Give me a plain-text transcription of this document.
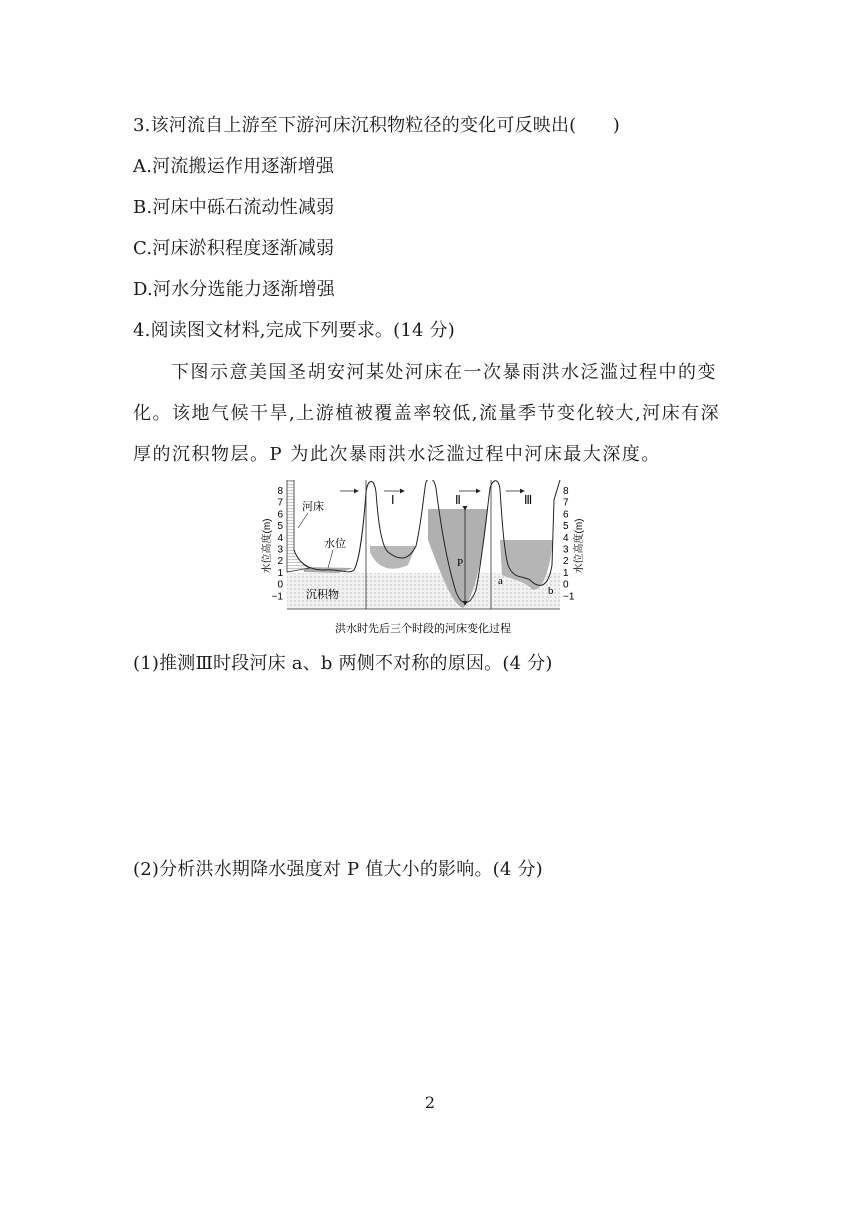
3.该河流自上游至下游河床沉积物粒径的变化可反映出(　　)
A.河流搬运作用逐渐增强
B.河床中砾石流动性减弱
C.河床淤积程度逐渐减弱
D.河水分选能力逐渐增强
4.阅读图文材料,完成下列要求。(14 分)
下图示意美国圣胡安河某处河床在一次暴雨洪水泛滥过程中的变化。该地气候干旱,上游植被覆盖率较低,流量季节变化较大,河床有深厚的沉积物层。P 为此次暴雨洪水泛滥过程中河床最大深度。
Ⅰ	Ⅱ	Ⅲ
河床
水位
沉积物
P
a
b
水位高度(m)	水位高度(m)
8
7
6
5
4
3
2
1
0
−1
8
7
6
5
4
3
2
1
0
−1
洪水时先后三个时段的河床变化过程
(1)推测Ⅲ时段河床 a、b 两侧不对称的原因。(4 分)
(2)分析洪水期降水强度对 P 值大小的影响。(4 分)
2
